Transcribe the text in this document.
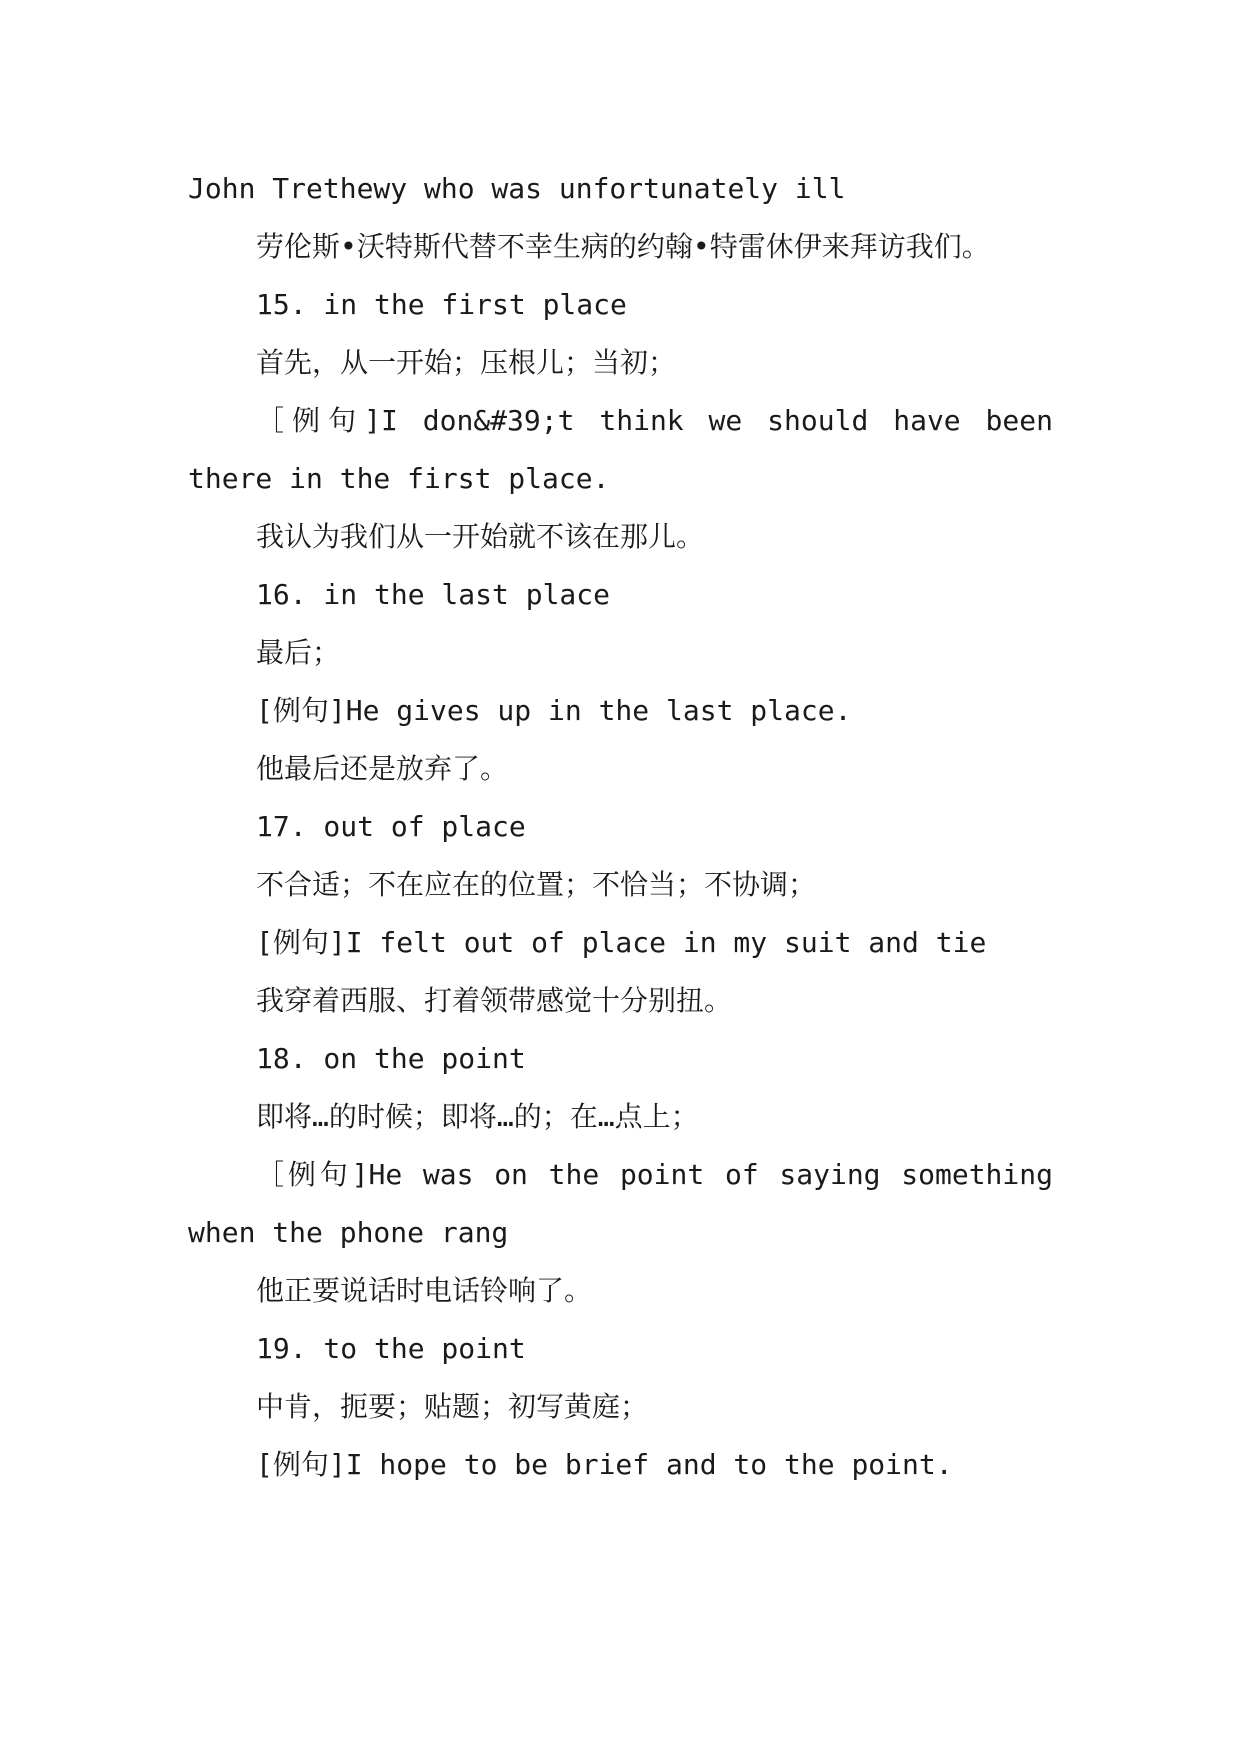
John Trethewy who was unfortunately ill

劳伦斯•沃特斯代替不幸生病的约翰•特雷休伊来拜访我们。

15. in the first place

首先，从一开始；压根儿；当初；

［例句]I don&#39;t think we should have been there in the first place.

我认为我们从一开始就不该在那儿。

16. in the last place

最后；

[例句]He gives up in the last place.

他最后还是放弃了。

17. out of place

不合适；不在应在的位置；不恰当；不协调；

[例句]I felt out of place in my suit and tie

我穿着西服、打着领带感觉十分别扭。

18. on the point

即将…的时候；即将…的；在…点上；

［例句]He was on the point of saying something when the phone rang

他正要说话时电话铃响了。

19. to the point

中肯，扼要；贴题；初写黄庭；

[例句]I hope to be brief and to the point.
